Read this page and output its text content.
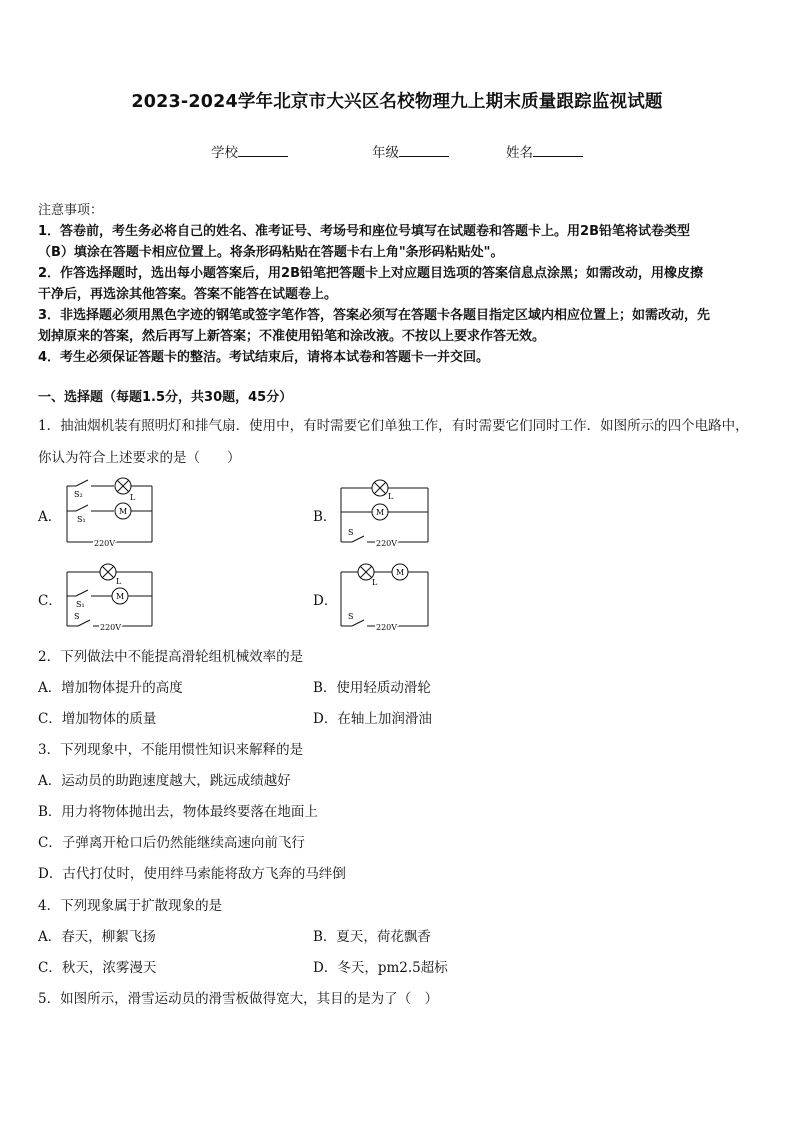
2023-2024学年北京市大兴区名校物理九上期末质量跟踪监视试题
学校	年级	姓名

注意事项：

1．答卷前，考生务必将自己的姓名、准考证号、考场号和座位号填写在试题卷和答题卡上。用2B铅笔将试卷类型

（B）填涂在答题卡相应位置上。将条形码粘贴在答题卡右上角"条形码粘贴处"。

2．作答选择题时，选出每小题答案后，用2B铅笔把答题卡上对应题目选项的答案信息点涂黑；如需改动，用橡皮擦

干净后，再选涂其他答案。答案不能答在试题卷上。

3．非选择题必须用黑色字迹的钢笔或签字笔作答，答案必须写在答题卡各题目指定区域内相应位置上；如需改动，先

划掉原来的答案，然后再写上新答案；不准使用铅笔和涂改液。不按以上要求作答无效。

4．考生必须保证答题卡的整洁。考试结束后，请将本试卷和答题卡一并交回。

一、选择题（每题1.5分，共30题，45分）
1．抽油烟机装有照明灯和排气扇．使用中，有时需要它们单独工作，有时需要它们同时工作．如图所示的四个电路中，
你认为符合上述要求的是（　　）
A．	B．
C．	D．
S₂
S₁
L
M
220V
L
M
S
220V
L
M
S₁
S
220V
L
M
S
220V
2．下列做法中不能提高滑轮组机械效率的是
A．增加物体提升的高度	B．使用轻质动滑轮
C．增加物体的质量	D．在轴上加润滑油
3．下列现象中，不能用惯性知识来解释的是
A．运动员的助跑速度越大，跳远成绩越好
B．用力将物体抛出去，物体最终要落在地面上
C．子弹离开枪口后仍然能继续高速向前飞行
D．古代打仗时，使用绊马索能将敌方飞奔的马绊倒
4．下列现象属于扩散现象的是
A．春天，柳絮飞扬	B．夏天，荷花飘香
C．秋天，浓雾漫天	D．冬天，pm2.5超标
5．如图所示，滑雪运动员的滑雪板做得宽大，其目的是为了（　）
